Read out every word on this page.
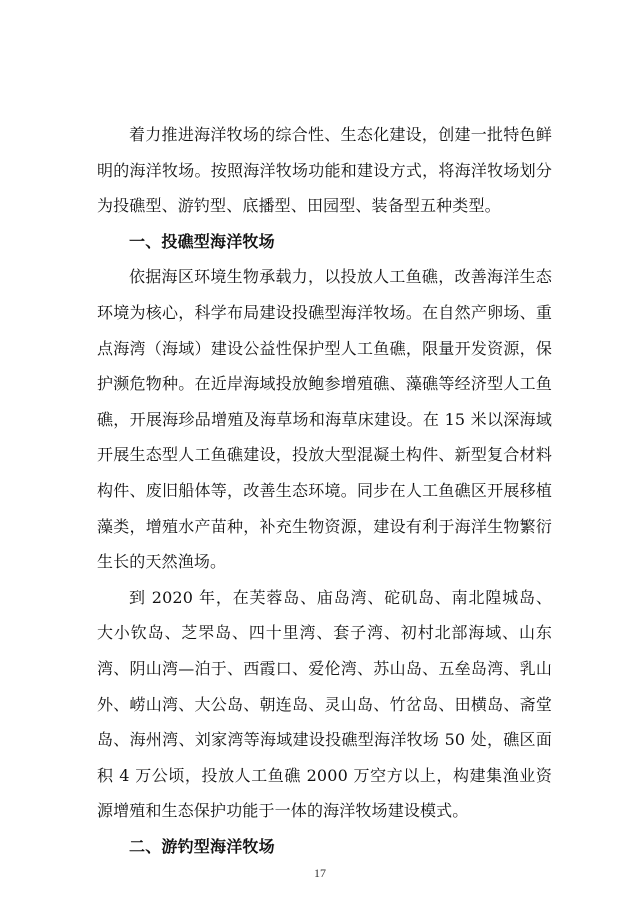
着力推进海洋牧场的综合性、生态化建设，创建一批特色鲜明的海洋牧场。按照海洋牧场功能和建设方式，将海洋牧场划分为投礁型、游钓型、底播型、田园型、装备型五种类型。

一、投礁型海洋牧场

依据海区环境生物承载力，以投放人工鱼礁，改善海洋生态环境为核心，科学布局建设投礁型海洋牧场。在自然产卵场、重点海湾（海域）建设公益性保护型人工鱼礁，限量开发资源，保护濒危物种。在近岸海域投放鲍参增殖礁、藻礁等经济型人工鱼礁，开展海珍品增殖及海草场和海草床建设。在 15 米以深海域开展生态型人工鱼礁建设，投放大型混凝土构件、新型复合材料构件、废旧船体等，改善生态环境。同步在人工鱼礁区开展移植藻类，增殖水产苗种，补充生物资源，建设有利于海洋生物繁衍生长的天然渔场。

到 2020 年，在芙蓉岛、庙岛湾、砣矶岛、南北隍城岛、大小钦岛、芝罘岛、四十里湾、套子湾、初村北部海域、山东湾、阴山湾—泊于、西霞口、爱伦湾、苏山岛、五垒岛湾、乳山外、崂山湾、大公岛、朝连岛、灵山岛、竹岔岛、田横岛、斋堂岛、海州湾、刘家湾等海域建设投礁型海洋牧场 50 处，礁区面积 4 万公顷，投放人工鱼礁 2000 万空方以上，构建集渔业资源增殖和生态保护功能于一体的海洋牧场建设模式。

二、游钓型海洋牧场
17
